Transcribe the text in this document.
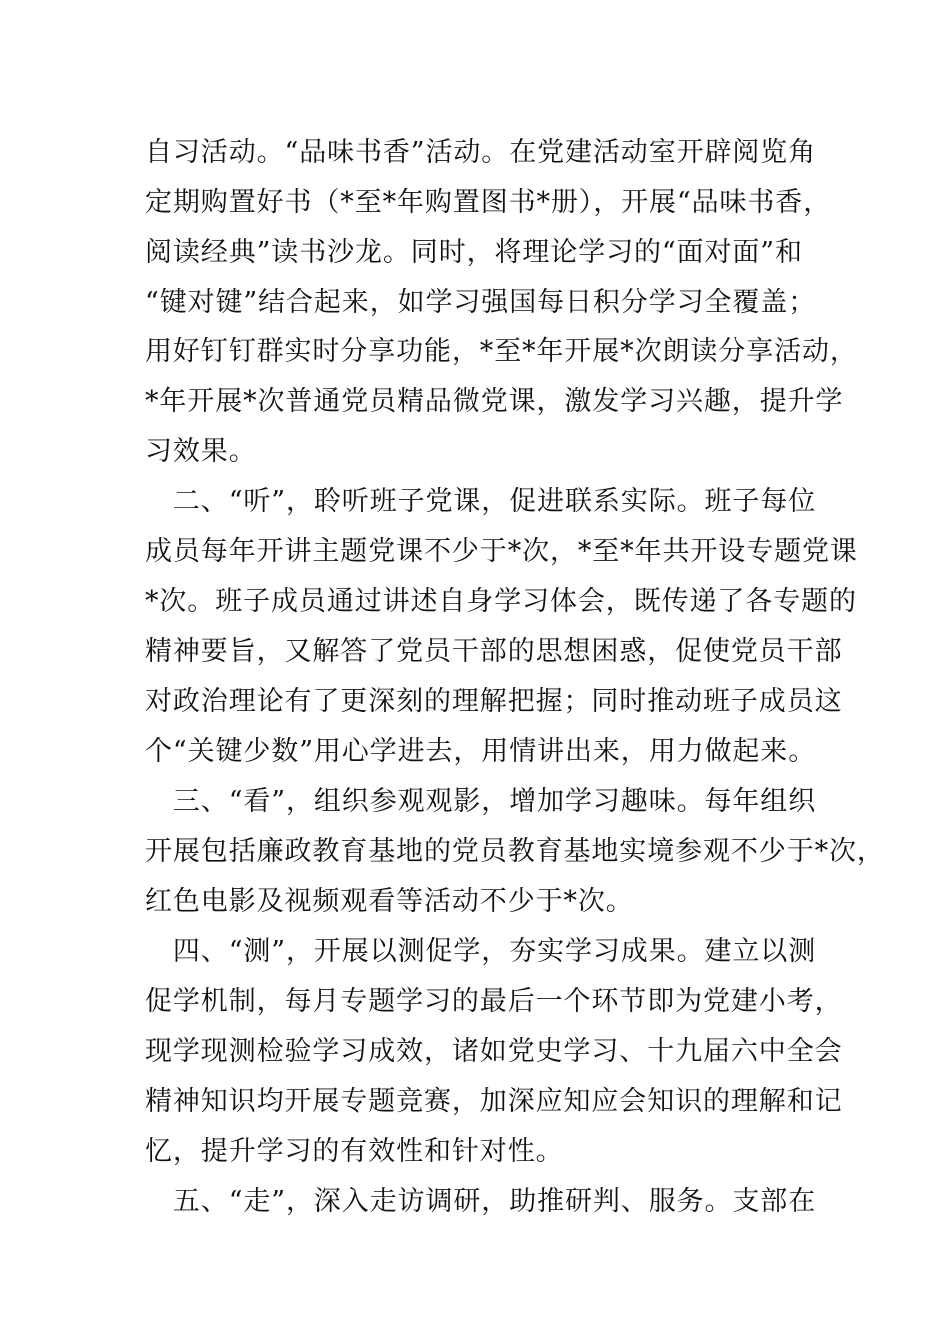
自习活动。“品味书香”活动。在党建活动室开辟阅览角
定期购置好书（*至*年购置图书*册），开展“品味书香，
阅读经典”读书沙龙。同时，将理论学习的“面对面”和
“键对键”结合起来，如学习强国每日积分学习全覆盖；
用好钉钉群实时分享功能，*至*年开展*次朗读分享活动，
*年开展*次普通党员精品微党课，激发学习兴趣，提升学
习效果。
　二、“听”，聆听班子党课，促进联系实际。班子每位
成员每年开讲主题党课不少于*次，*至*年共开设专题党课
*次。班子成员通过讲述自身学习体会，既传递了各专题的
精神要旨，又解答了党员干部的思想困惑，促使党员干部
对政治理论有了更深刻的理解把握；同时推动班子成员这
个“关键少数”用心学进去，用情讲出来，用力做起来。
　三、“看”，组织参观观影，增加学习趣味。每年组织
开展包括廉政教育基地的党员教育基地实境参观不少于*次，
红色电影及视频观看等活动不少于*次。
　四、“测”，开展以测促学，夯实学习成果。建立以测
促学机制，每月专题学习的最后一个环节即为党建小考，
现学现测检验学习成效，诸如党史学习、十九届六中全会
精神知识均开展专题竞赛，加深应知应会知识的理解和记
忆，提升学习的有效性和针对性。
　五、“走”，深入走访调研，助推研判、服务。支部在
